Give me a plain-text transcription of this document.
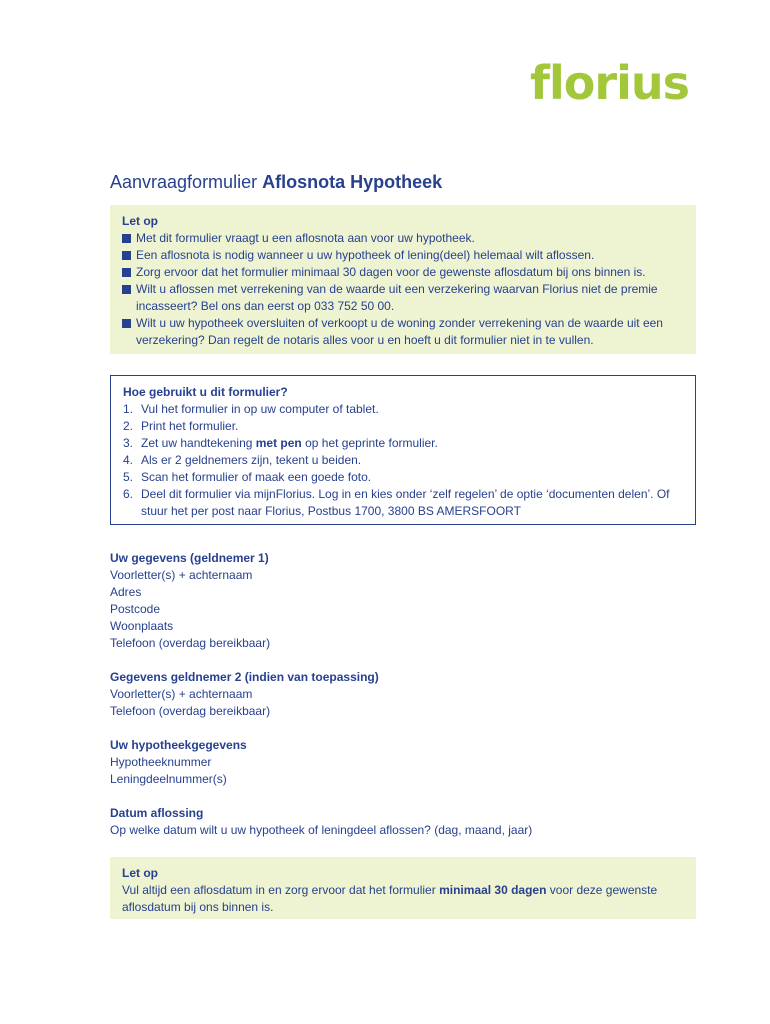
florius
Aanvraagformulier Aflosnota Hypotheek
Let op
Met dit formulier vraagt u een aflosnota aan voor uw hypotheek.
Een aflosnota is nodig wanneer u uw hypotheek of lening(deel) helemaal wilt aflossen.
Zorg ervoor dat het formulier minimaal 30 dagen voor de gewenste aflosdatum bij ons binnen is.
Wilt u aflossen met verrekening van de waarde uit een verzekering waarvan Florius niet de premie incasseert? Bel ons dan eerst op 033 752 50 00.
Wilt u uw hypotheek oversluiten of verkoopt u de woning zonder verrekening van de waarde uit een verzekering? Dan regelt de notaris alles voor u en hoeft u dit formulier niet in te vullen.
Hoe gebruikt u dit formulier?
1. Vul het formulier in op uw computer of tablet.
2. Print het formulier.
3. Zet uw handtekening met pen op het geprinte formulier.
4. Als er 2 geldnemers zijn, tekent u beiden.
5. Scan het formulier of maak een goede foto.
6. Deel dit formulier via mijnFlorius. Log in en kies onder ‘zelf regelen’ de optie ‘documenten delen’. Of stuur het per post naar Florius, Postbus 1700, 3800 BS AMERSFOORT
Uw gegevens (geldnemer 1)
Voorletter(s) + achternaam
Adres
Postcode
Woonplaats
Telefoon (overdag bereikbaar)
Gegevens geldnemer 2 (indien van toepassing)
Voorletter(s) + achternaam
Telefoon (overdag bereikbaar)
Uw hypotheekgegevens
Hypotheeknummer
Leningdeelnummer(s)
Datum aflossing
Op welke datum wilt u uw hypotheek of leningdeel aflossen? (dag, maand, jaar)
Let op
Vul altijd een aflosdatum in en zorg ervoor dat het formulier minimaal 30 dagen voor deze gewenste aflosdatum bij ons binnen is.
